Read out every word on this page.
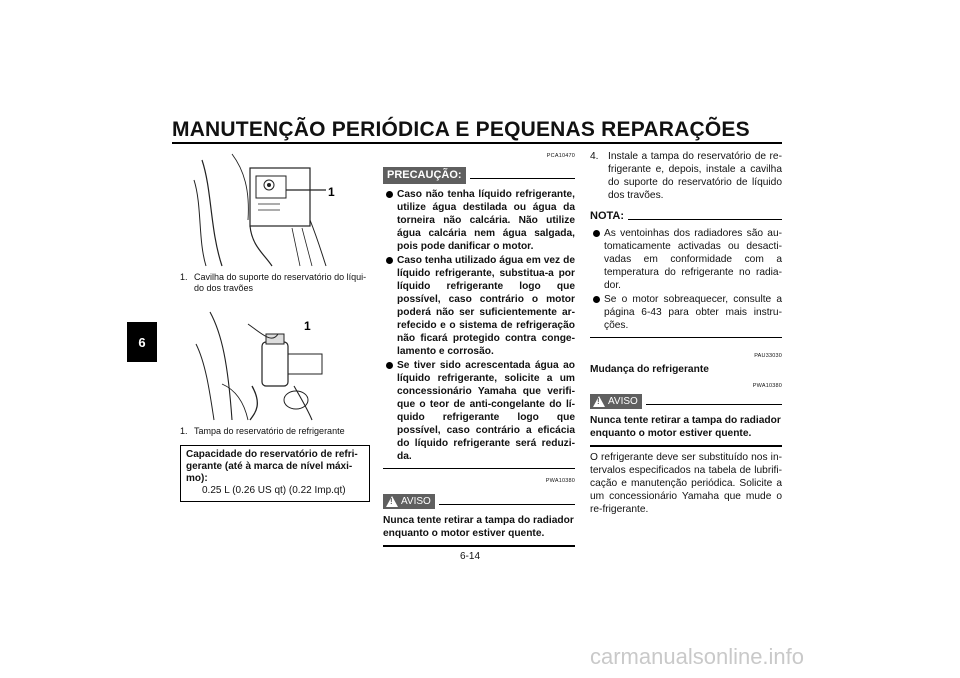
MANUTENÇÃO PERIÓDICA E PEQUENAS REPARAÇÕES
6
1
1. Cavilha do suporte do reservatório do líqui-do dos travões
1
1. Tampa do reservatório de refrigerante
Capacidade do reservatório de refri-gerante (até à marca de nível máxi-mo):
0.25 L (0.26 US qt) (0.22 Imp.qt)
PCA10470
PRECAUÇÃO:
Caso não tenha líquido refrigerante, utilize água destilada ou água da torneira não calcária. Não utilize água calcária nem água salgada, pois pode danificar o motor.
Caso tenha utilizado água em vez de líquido refrigerante, substitua-a por líquido refrigerante logo que possível, caso contrário o motor poderá não ser suficientemente ar-refecido e o sistema de refrigeração não ficará protegido contra conge-lamento e corrosão.
Se tiver sido acrescentada água ao líquido refrigerante, solicite a um concessionário Yamaha que verifi-que o teor de anti-congelante do lí-quido refrigerante logo que possível, caso contrário a eficácia do líquido refrigerante será reduzi-da.
PWA10380
! AVISO
Nunca tente retirar a tampa do radiador enquanto o motor estiver quente.
4. Instale a tampa do reservatório de re-frigerante e, depois, instale a cavilha do suporte do reservatório de líquido dos travões.
NOTA:
As ventoinhas dos radiadores são au-tomaticamente activadas ou desacti-vadas em conformidade com a temperatura do refrigerante no radia-dor.
Se o motor sobreaquecer, consulte a página 6-43 para obter mais instru-ções.
PAU33030
Mudança do refrigerante
PWA10380
! AVISO
Nunca tente retirar a tampa do radiador enquanto o motor estiver quente.
O refrigerante deve ser substituído nos in-tervalos especificados na tabela de lubrifi-cação e manutenção periódica. Solicite a um concessionário Yamaha que mude o re-frigerante.
6-14
carmanualsonline.info
